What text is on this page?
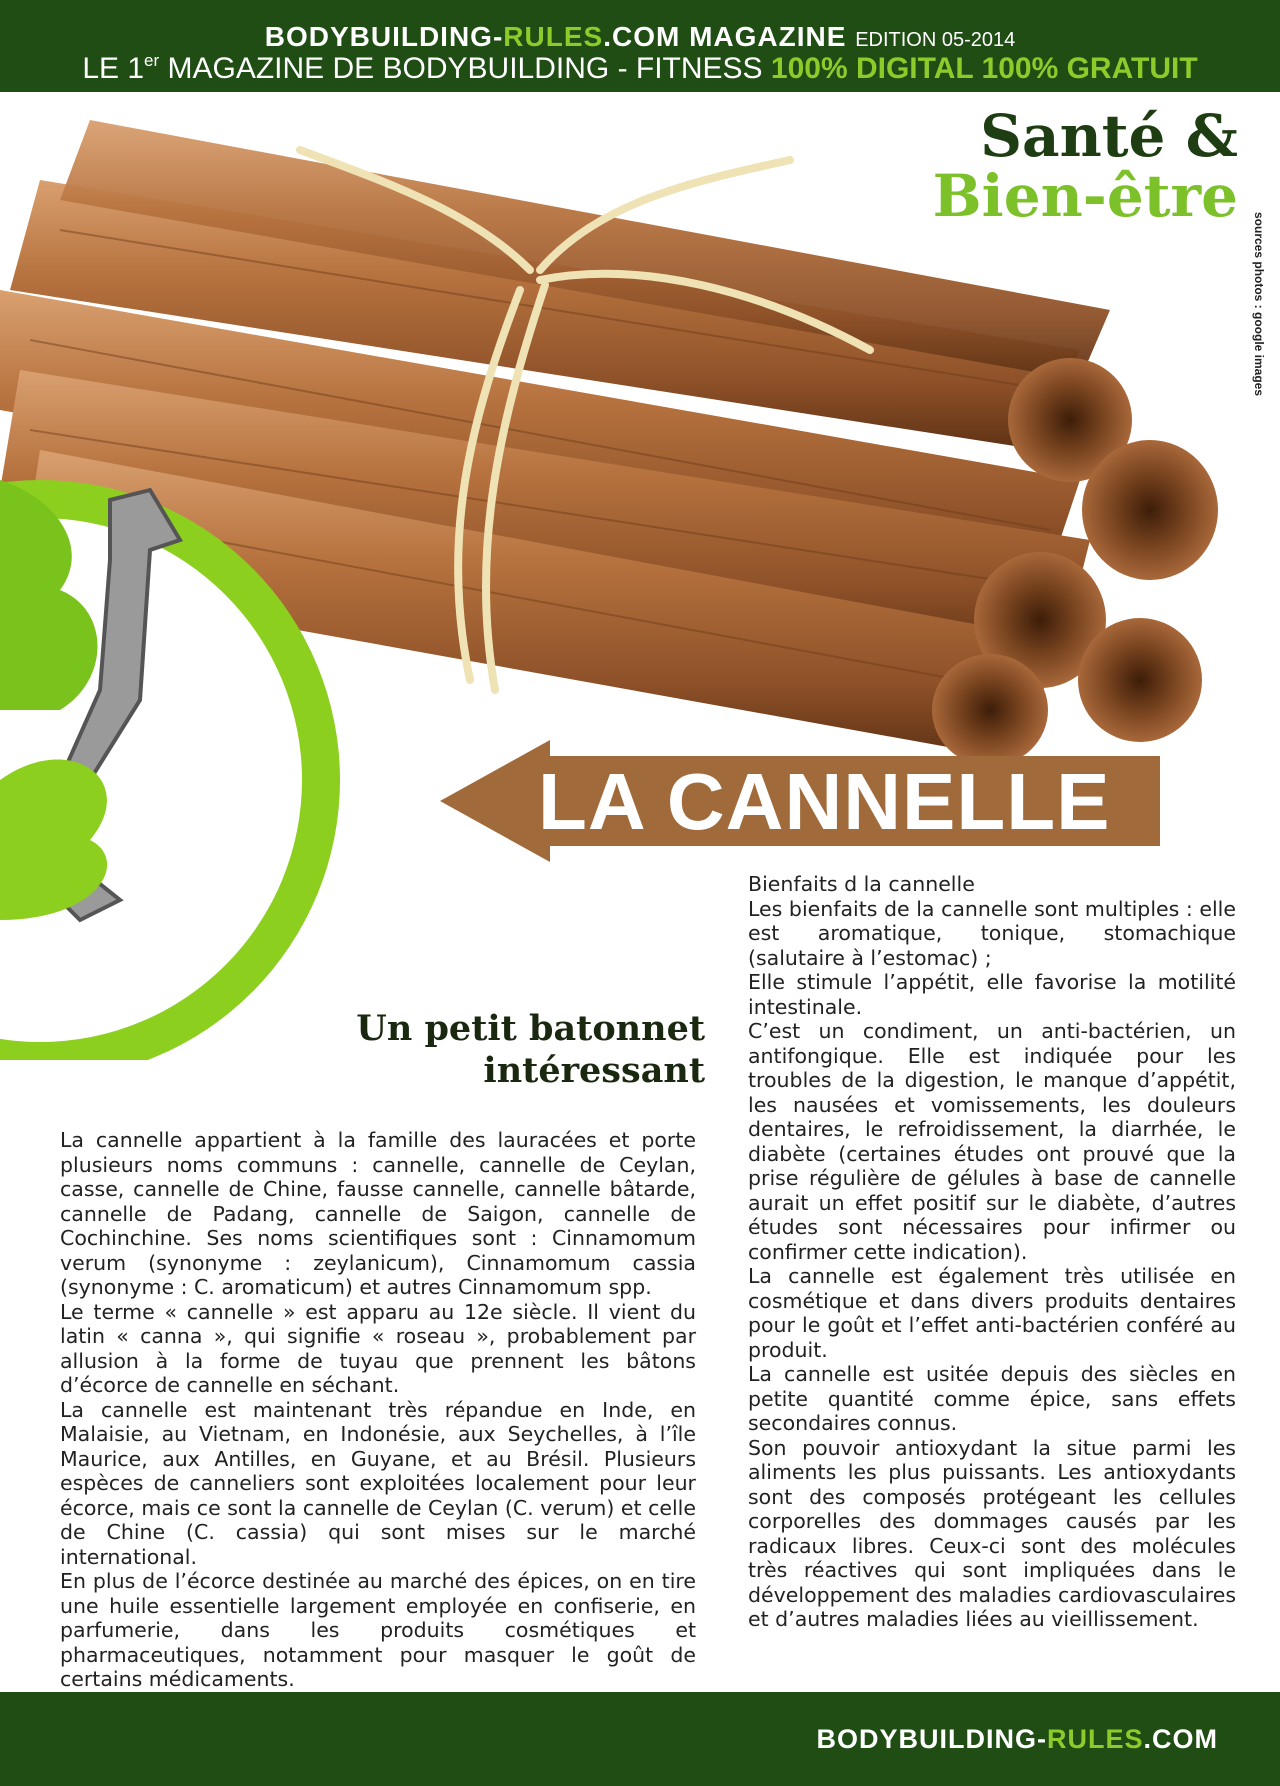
BODYBUILDING-RULES.COM MAGAZINE EDITION 05-2014
LE 1er MAGAZINE DE BODYBUILDING - FITNESS 100% DIGITAL 100% GRATUIT
Santé &
Bien-être
sources photos : google images
LA CANNELLE
Un petit batonnet
intéressant

La cannelle appartient à la famille des lauracées et porte plusieurs noms communs : cannelle, cannelle de Ceylan, casse, cannelle de Chine, fausse cannelle, cannelle bâtarde, cannelle de Padang, cannelle de Saigon, cannelle de Cochinchine. Ses noms scientifiques sont : Cinnamomum verum (synonyme : zeylanicum), Cinnamomum cassia (synonyme : C. aromaticum) et autres Cinnamomum spp.

Le terme « cannelle » est apparu au 12e siècle. Il vient du latin « canna », qui signifie « roseau », probablement par allusion à la forme de tuyau que prennent les bâtons d’écorce de cannelle en séchant.

La cannelle est maintenant très répandue en Inde, en Malaisie, au Vietnam, en Indonésie, aux Seychelles, à l’île Maurice, aux Antilles, en Guyane, et au Brésil. Plusieurs espèces de canneliers sont exploitées localement pour leur écorce, mais ce sont la cannelle de Ceylan (C. verum) et celle de Chine (C. cassia) qui sont mises sur le marché international.

En plus de l’écorce destinée au marché des épices, on en tire une huile essentielle largement employée en confiserie, en parfumerie, dans les produits cosmétiques et pharmaceutiques, notamment pour masquer le goût de certains médicaments.

Bienfaits d la cannelle

Les bienfaits de la cannelle sont multiples : elle est aromatique, tonique, stomachique (salutaire à l’estomac) ;

Elle stimule l’appétit, elle favorise la motilité intestinale.

C’est un condiment, un anti-bactérien, un antifongique. Elle est indiquée pour les troubles de la digestion, le manque d’appétit, les nausées et vomissements, les douleurs dentaires, le refroidissement, la diarrhée, le diabète (certaines études ont prouvé que la prise régulière de gélules à base de cannelle aurait un effet positif sur le diabète, d’autres études sont nécessaires pour infirmer ou confirmer cette indication).

La cannelle est également très utilisée en cosmétique et dans divers produits dentaires pour le goût et l’effet anti-bactérien conféré au produit.

La cannelle est usitée depuis des siècles en petite quantité comme épice, sans effets secondaires connus.

Son pouvoir antioxydant la situe parmi les aliments les plus puissants. Les antioxydants sont des composés protégeant les cellules corporelles des dommages causés par les radicaux libres. Ceux-ci sont des molécules très réactives qui sont impliquées dans le développement des maladies cardiovasculaires et d’autres maladies liées au vieillissement.

BODYBUILDING-RULES.COM
